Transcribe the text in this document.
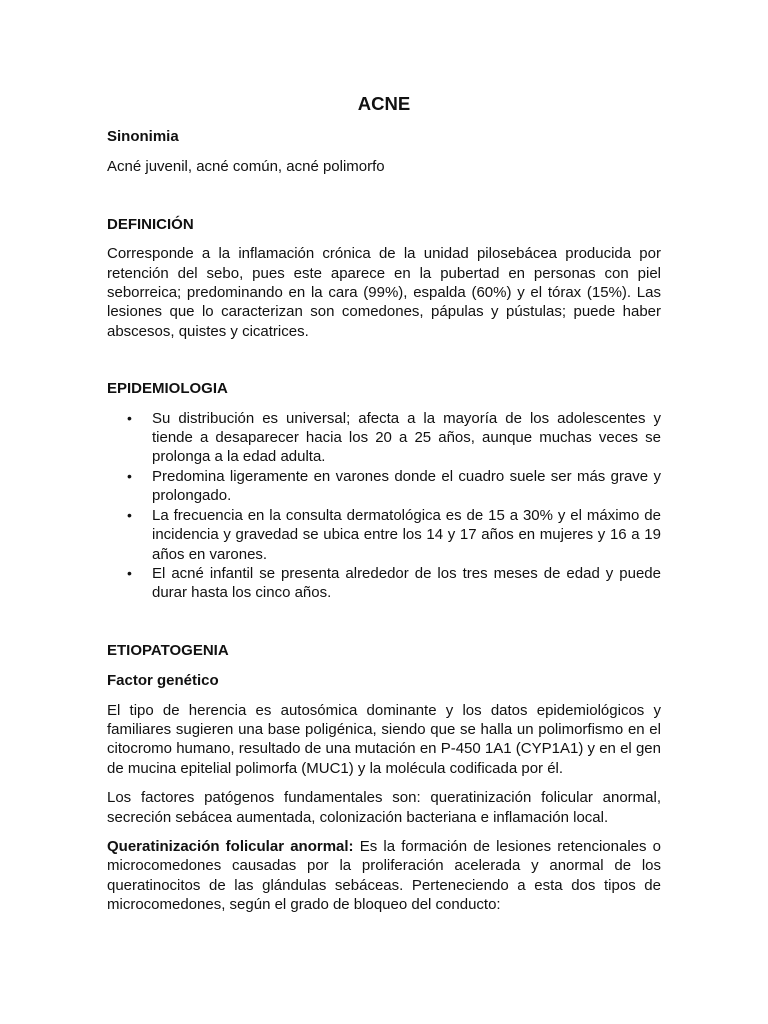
ACNE
Sinonimia

Acné juvenil, acné común, acné polimorfo

DEFINICIÓN

Corresponde a la inflamación crónica de la unidad pilosebácea producida por retención del sebo, pues este aparece en la pubertad en personas con piel seborreica; predominando en la cara (99%), espalda (60%) y el tórax (15%). Las lesiones que lo caracterizan son comedones, pápulas y pústulas; puede haber abscesos, quistes y cicatrices.

EPIDEMIOLOGIA
• Su distribución es universal; afecta a la mayoría de los adolescentes y tiende a desaparecer hacia los 20 a 25 años, aunque muchas veces se prolonga a la edad adulta.
• Predomina ligeramente en varones donde el cuadro suele ser más grave y prolongado.
• La frecuencia en la consulta dermatológica es de 15 a 30% y el máximo de incidencia y gravedad se ubica entre los 14 y 17 años en mujeres y 16 a 19 años en varones.
• El acné infantil se presenta alrededor de los tres meses de edad y puede durar hasta los cinco años.
ETIOPATOGENIA
Factor genético

El tipo de herencia es autosómica dominante y los datos epidemiológicos y familiares sugieren una base poligénica, siendo que se halla un polimorfismo en el citocromo humano, resultado de una mutación en P-450 1A1 (CYP1A1) y en el gen de mucina epitelial polimorfa (MUC1) y la molécula codificada por él.

Los factores patógenos fundamentales son: queratinización folicular anormal, secreción sebácea aumentada, colonización bacteriana e inflamación local.

Queratinización folicular anormal: Es la formación de lesiones retencionales o microcomedones causadas por la proliferación acelerada y anormal de los queratinocitos de las glándulas sebáceas. Perteneciendo a esta dos tipos de microcomedones, según el grado de bloqueo del conducto:
